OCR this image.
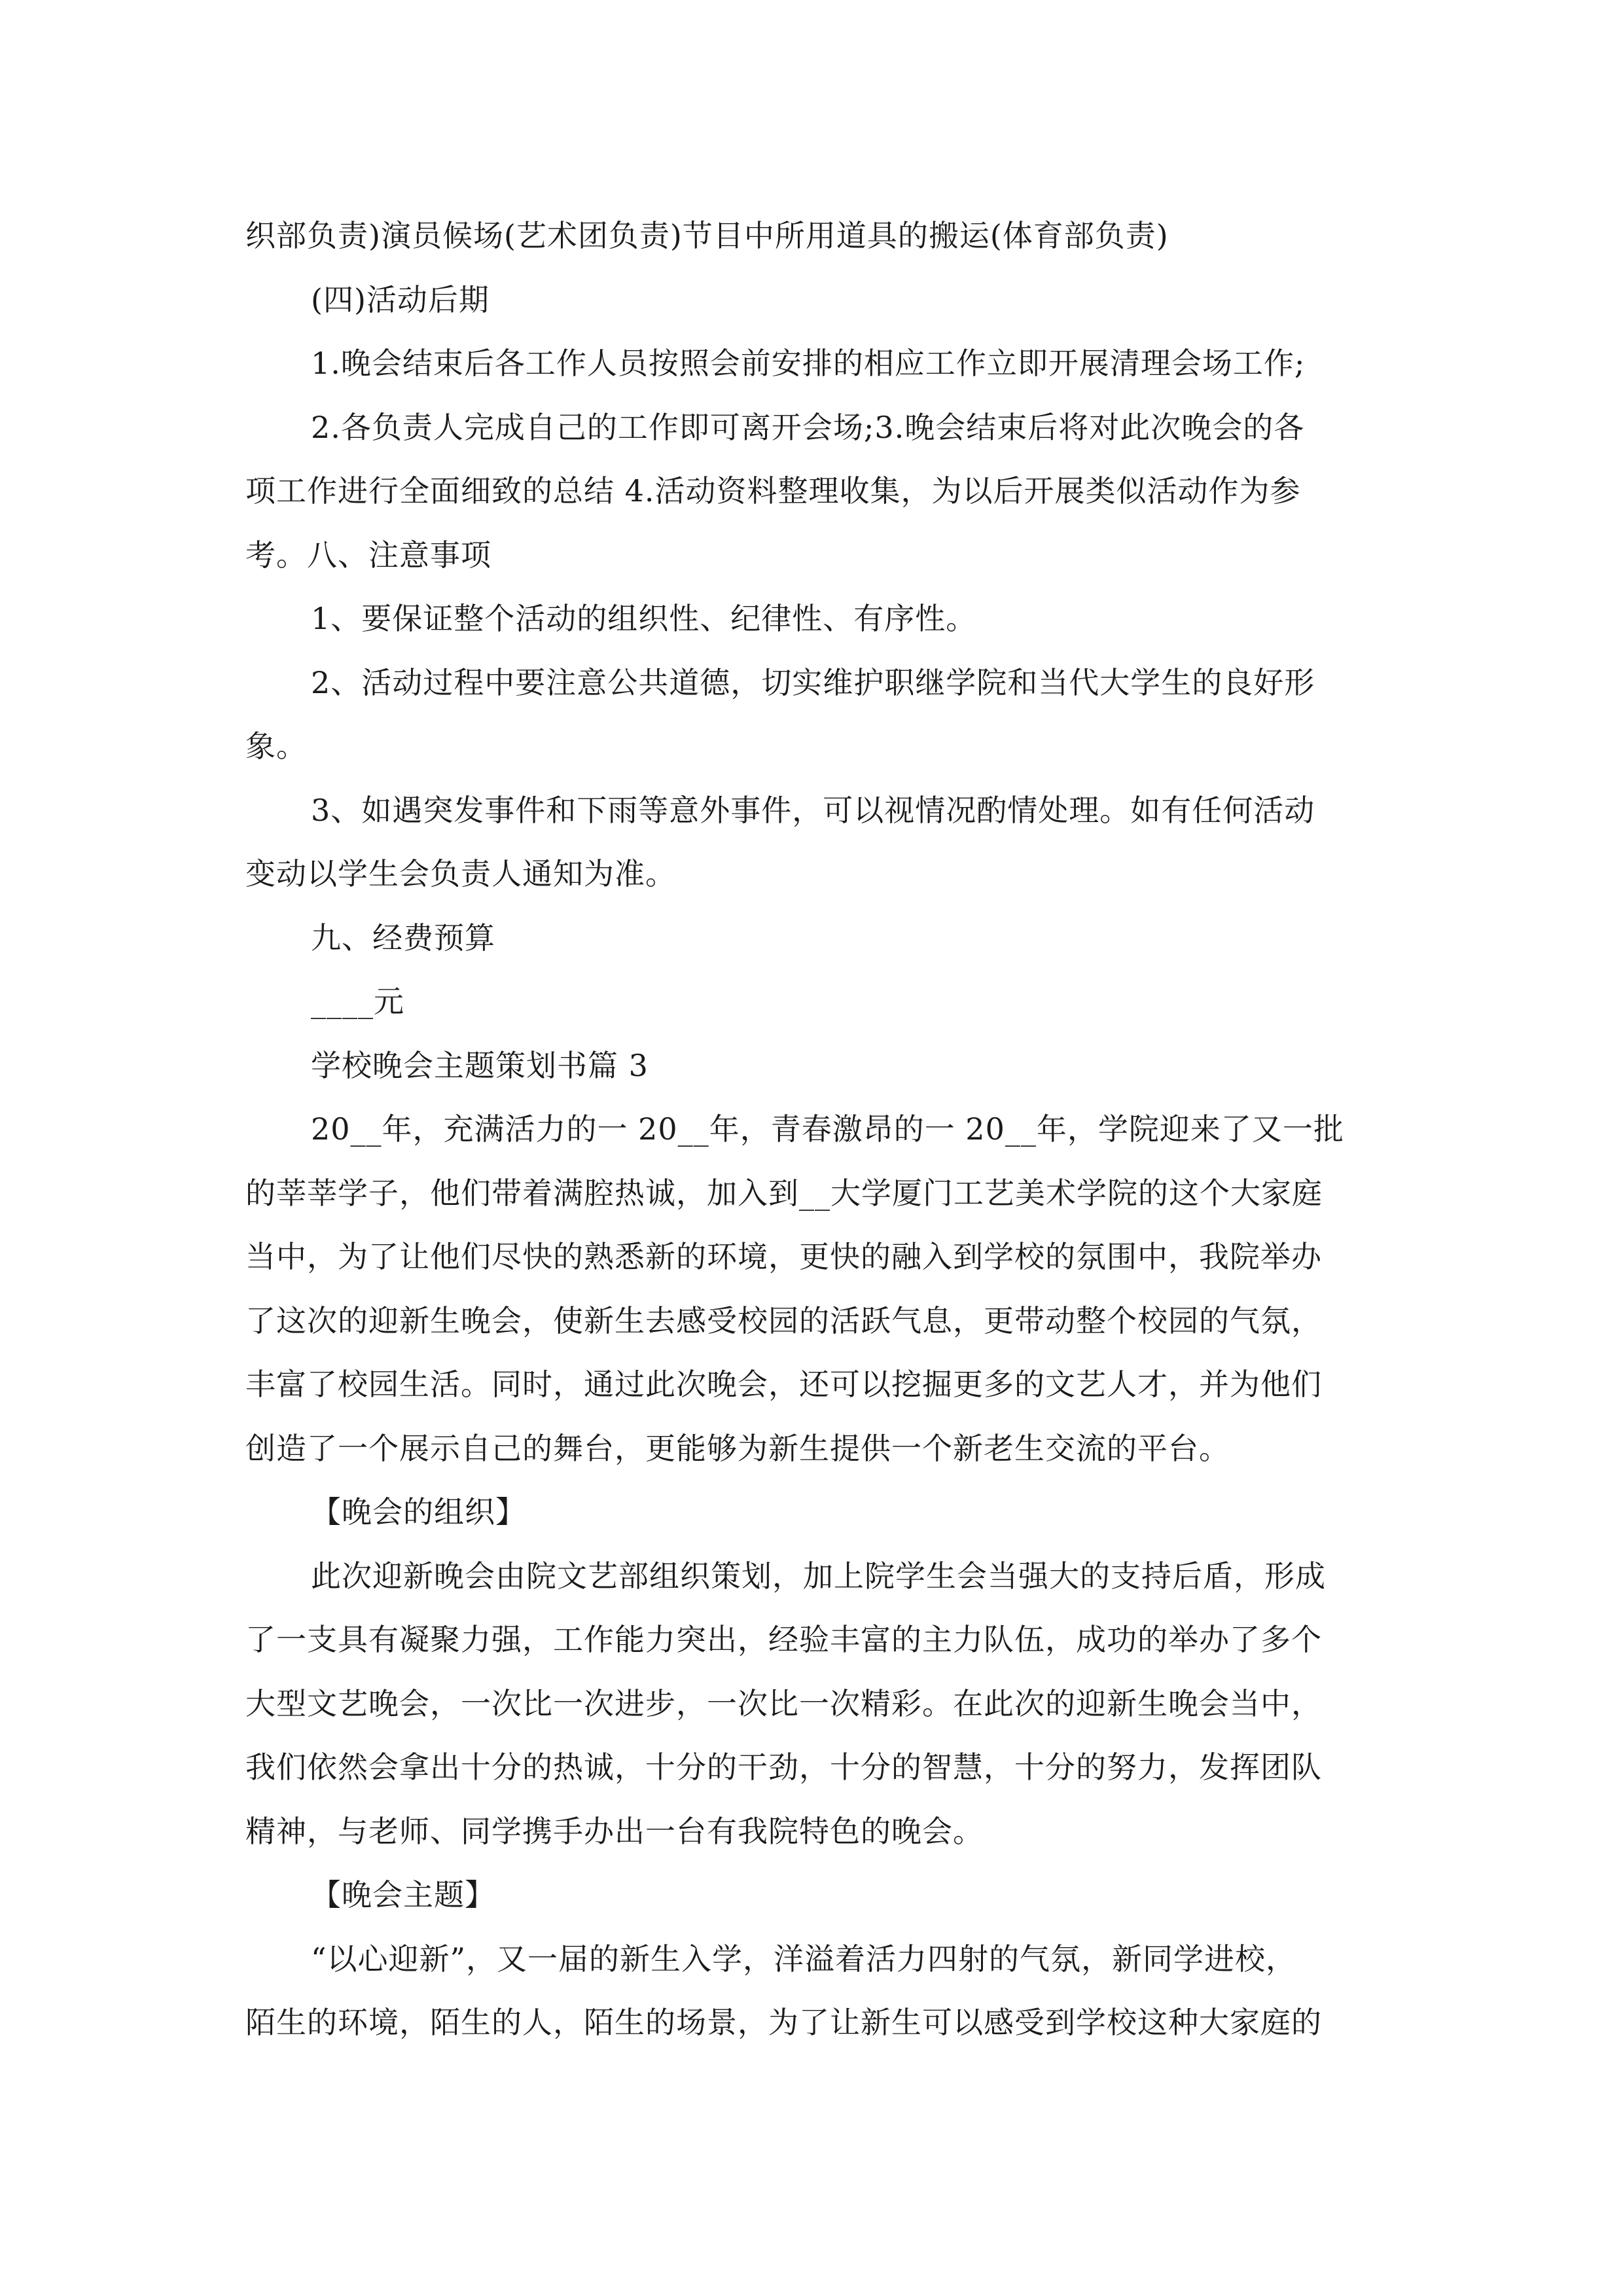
织部负责)演员候场(艺术团负责)节目中所用道具的搬运(体育部负责)
(四)活动后期
1.晚会结束后各工作人员按照会前安排的相应工作立即开展清理会场工作;
2.各负责人完成自己的工作即可离开会场;3.晚会结束后将对此次晚会的各
项工作进行全面细致的总结 4.活动资料整理收集，为以后开展类似活动作为参
考。八、注意事项
1、要保证整个活动的组织性、纪律性、有序性。
2、活动过程中要注意公共道德，切实维护职继学院和当代大学生的良好形
象。
3、如遇突发事件和下雨等意外事件，可以视情况酌情处理。如有任何活动
变动以学生会负责人通知为准。
九、经费预算
____元
学校晚会主题策划书篇 3
20__年，充满活力的一 20__年，青春激昂的一 20__年，学院迎来了又一批
的莘莘学子，他们带着满腔热诚，加入到__大学厦门工艺美术学院的这个大家庭
当中，为了让他们尽快的熟悉新的环境，更快的融入到学校的氛围中，我院举办
了这次的迎新生晚会，使新生去感受校园的活跃气息，更带动整个校园的气氛，
丰富了校园生活。同时，通过此次晚会，还可以挖掘更多的文艺人才，并为他们
创造了一个展示自己的舞台，更能够为新生提供一个新老生交流的平台。
【晚会的组织】
此次迎新晚会由院文艺部组织策划，加上院学生会当强大的支持后盾，形成
了一支具有凝聚力强，工作能力突出，经验丰富的主力队伍，成功的举办了多个
大型文艺晚会，一次比一次进步，一次比一次精彩。在此次的迎新生晚会当中，
我们依然会拿出十分的热诚，十分的干劲，十分的智慧，十分的努力，发挥团队
精神，与老师、同学携手办出一台有我院特色的晚会。
【晚会主题】
“以心迎新”，又一届的新生入学，洋溢着活力四射的气氛，新同学进校，
陌生的环境，陌生的人，陌生的场景，为了让新生可以感受到学校这种大家庭的
